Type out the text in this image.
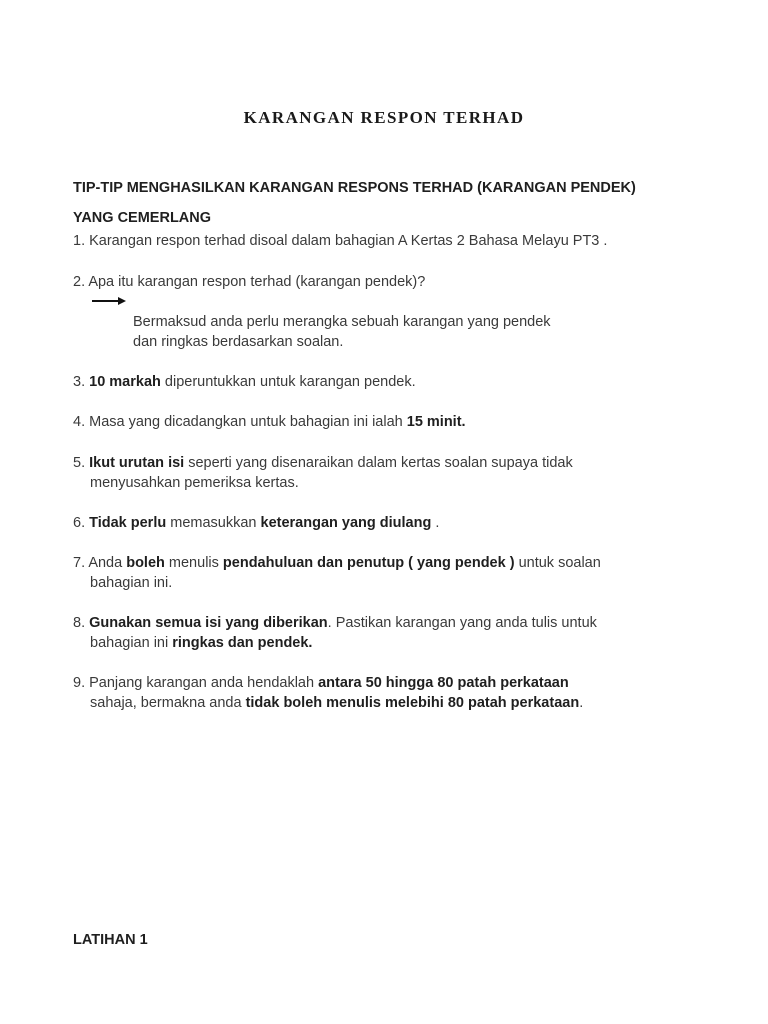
KARANGAN RESPON TERHAD
TIP-TIP MENGHASILKAN KARANGAN RESPONS TERHAD (KARANGAN PENDEK)
YANG CEMERLANG
1. Karangan respon terhad disoal dalam bahagian A Kertas 2 Bahasa Melayu PT3 .
2. Apa itu karangan respon terhad (karangan pendek)?
Bermaksud anda perlu merangka sebuah karangan yang pendek
dan ringkas berdasarkan soalan.
3. 10 markah diperuntukkan untuk karangan pendek.
4. Masa yang dicadangkan untuk bahagian ini ialah 15 minit.
5. Ikut urutan isi seperti yang disenaraikan dalam kertas soalan supaya tidak
menyusahkan pemeriksa kertas.
6. Tidak perlu memasukkan keterangan yang diulang .
7. Anda boleh menulis pendahuluan dan penutup ( yang pendek ) untuk soalan
bahagian ini.
8. Gunakan semua isi yang diberikan. Pastikan karangan yang anda tulis untuk
bahagian ini ringkas dan pendek.
9. Panjang karangan anda hendaklah antara 50 hingga 80 patah perkataan
sahaja, bermakna anda tidak boleh menulis melebihi 80 patah perkataan.
LATIHAN 1
